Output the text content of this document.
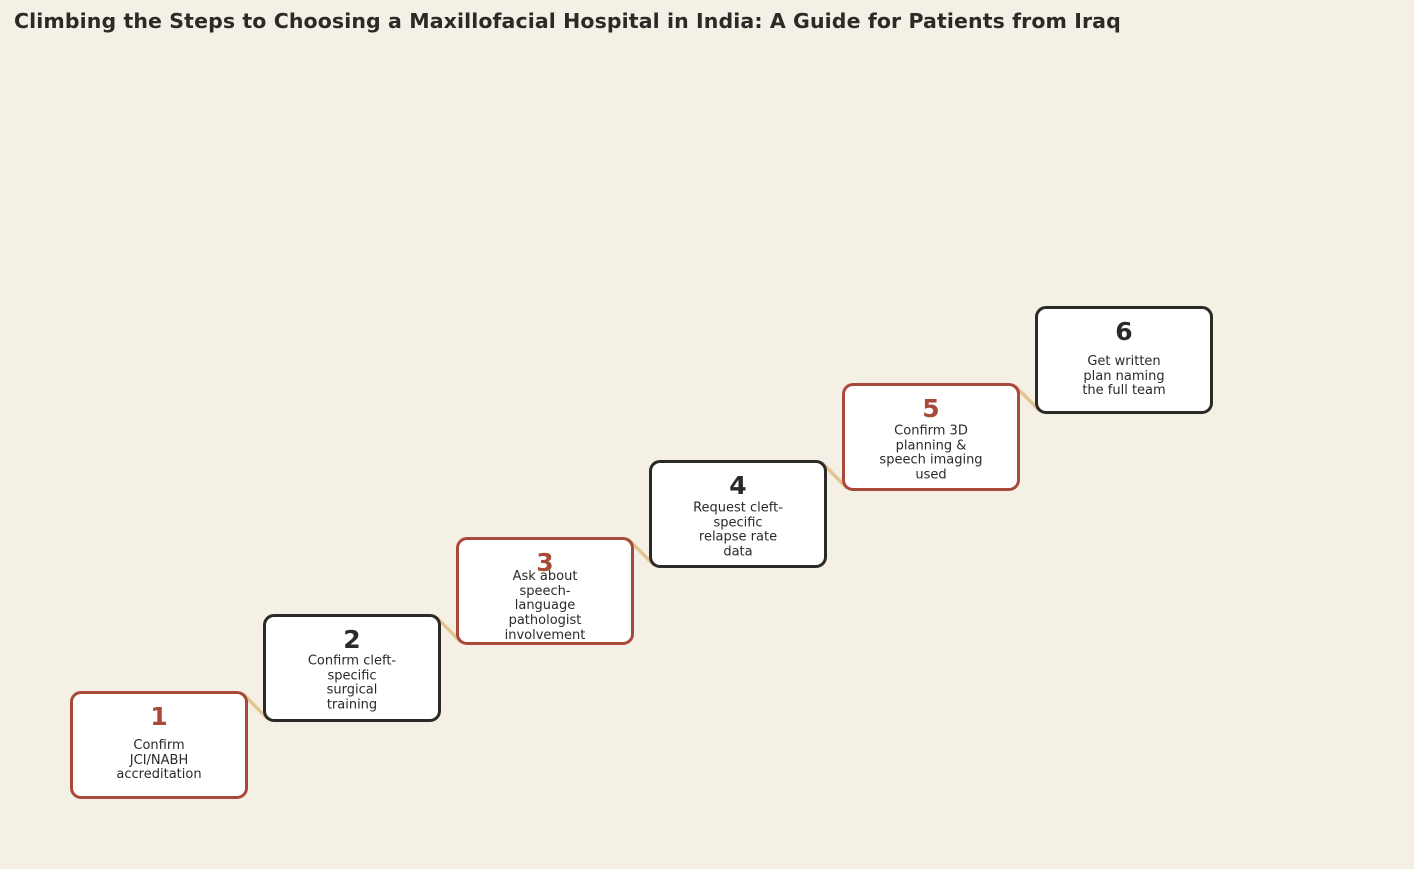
Climbing the Steps to Choosing a Maxillofacial Hospital in India: A Guide for Patients from Iraq
1
Confirm
JCI/NABH
accreditation
2
Confirm cleft-
specific
surgical
training
3
Ask about
speech-
language
pathologist
involvement
4
Request cleft-
specific
relapse rate
data
5
Confirm 3D
planning &
speech imaging
used
6
Get written
plan naming
the full team
